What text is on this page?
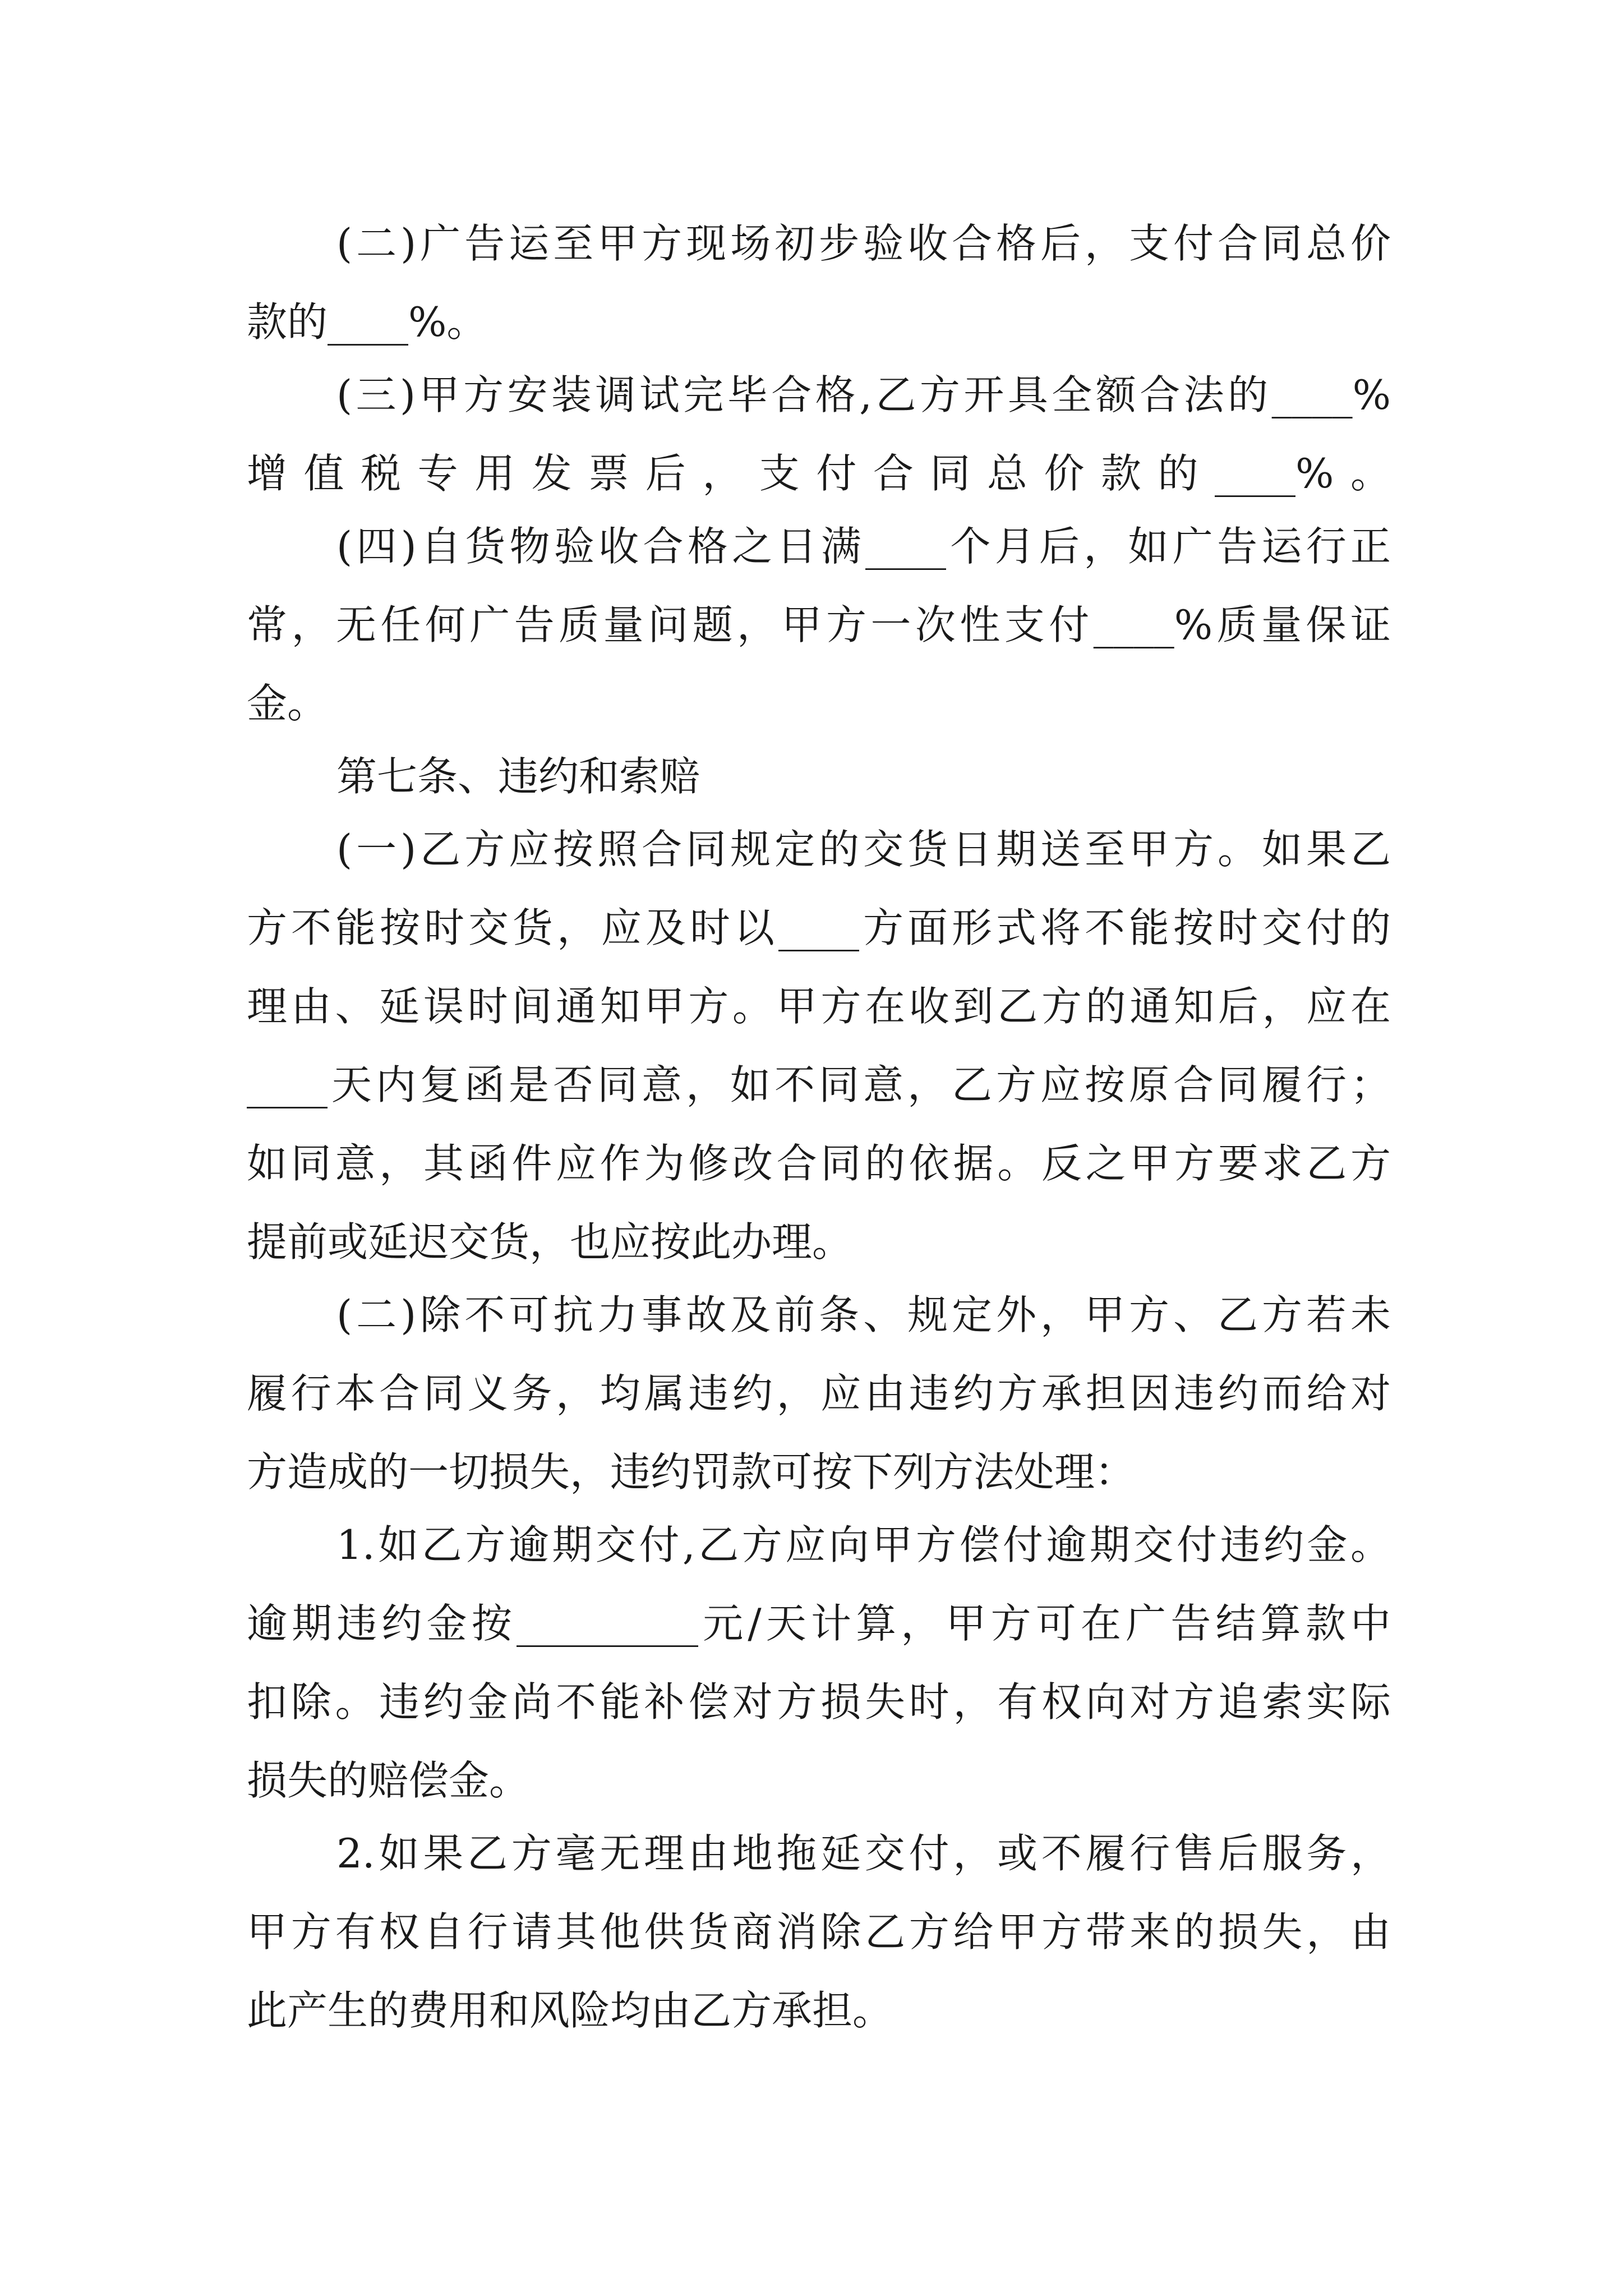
(二)广告运至甲方现场初步验收合格后，支付合同总价
款的____%。
(三)甲方安装调试完毕合格,乙方开具全额合法的____%
增值税专用发票后，支付合同总价款的____%。
(四)自货物验收合格之日满____个月后，如广告运行正
常，无任何广告质量问题，甲方一次性支付____%质量保证
金。
第七条、违约和索赔
(一)乙方应按照合同规定的交货日期送至甲方。如果乙
方不能按时交货，应及时以____方面形式将不能按时交付的
理由、延误时间通知甲方。甲方在收到乙方的通知后，应在
____天内复函是否同意，如不同意，乙方应按原合同履行；
如同意，其函件应作为修改合同的依据。反之甲方要求乙方
提前或延迟交货，也应按此办理。
(二)除不可抗力事故及前条、规定外，甲方、乙方若未
履行本合同义务，均属违约，应由违约方承担因违约而给对
方造成的一切损失，违约罚款可按下列方法处理：
1.如乙方逾期交付,乙方应向甲方偿付逾期交付违约金。
逾期违约金按_________元/天计算，甲方可在广告结算款中
扣除。违约金尚不能补偿对方损失时，有权向对方追索实际
损失的赔偿金。
2.如果乙方毫无理由地拖延交付，或不履行售后服务，
甲方有权自行请其他供货商消除乙方给甲方带来的损失，由
此产生的费用和风险均由乙方承担。
